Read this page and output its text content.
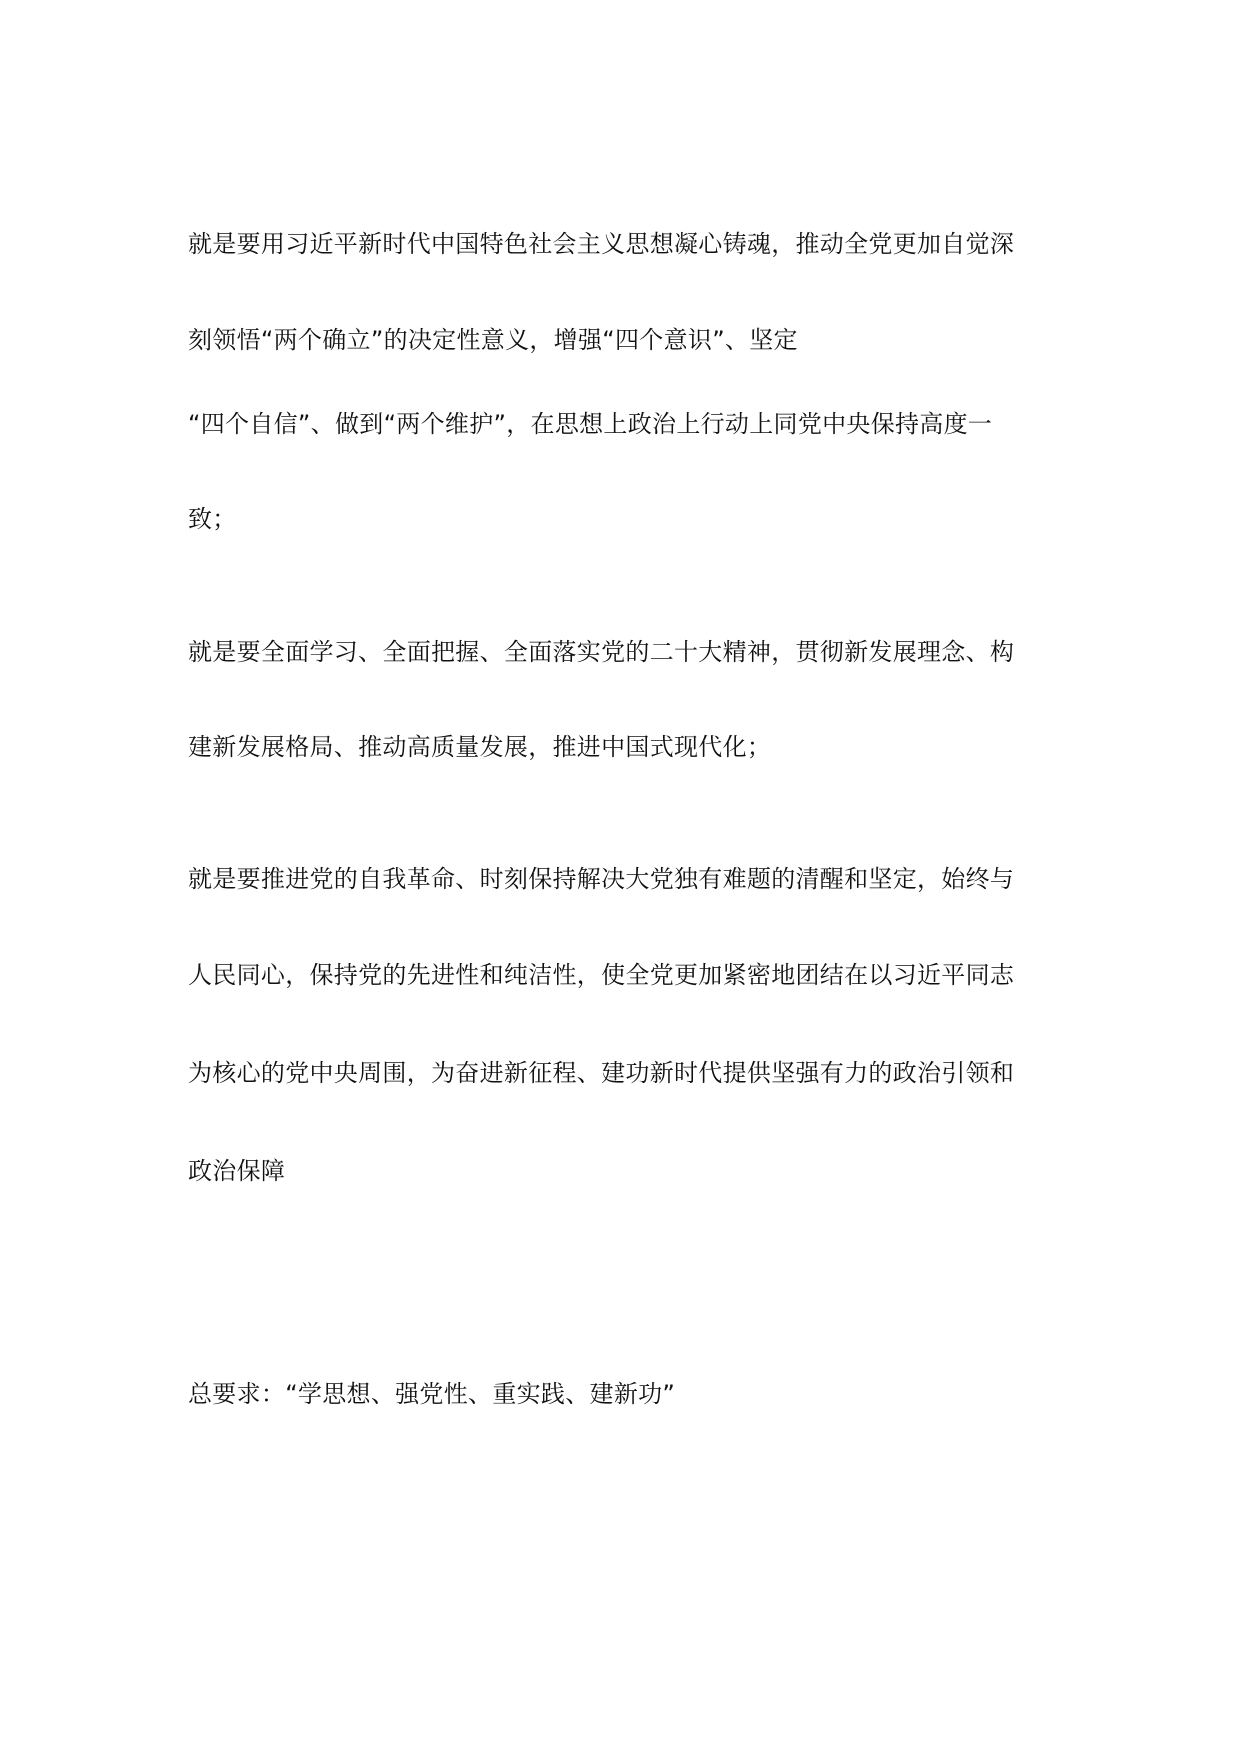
就是要用习近平新时代中国特色社会主义思想凝心铸魂，推动全党更加自觉深
刻领悟“两个确立”的决定性意义，增强“四个意识”、坚定
“四个自信”、做到“两个维护”，在思想上政治上行动上同党中央保持高度一
致；
就是要全面学习、全面把握、全面落实党的二十大精神，贯彻新发展理念、构
建新发展格局、推动高质量发展，推进中国式现代化；
就是要推进党的自我革命、时刻保持解决大党独有难题的清醒和坚定，始终与
人民同心，保持党的先进性和纯洁性，使全党更加紧密地团结在以习近平同志
为核心的党中央周围，为奋进新征程、建功新时代提供坚强有力的政治引领和
政治保障
总要求：“学思想、强党性、重实践、建新功”
